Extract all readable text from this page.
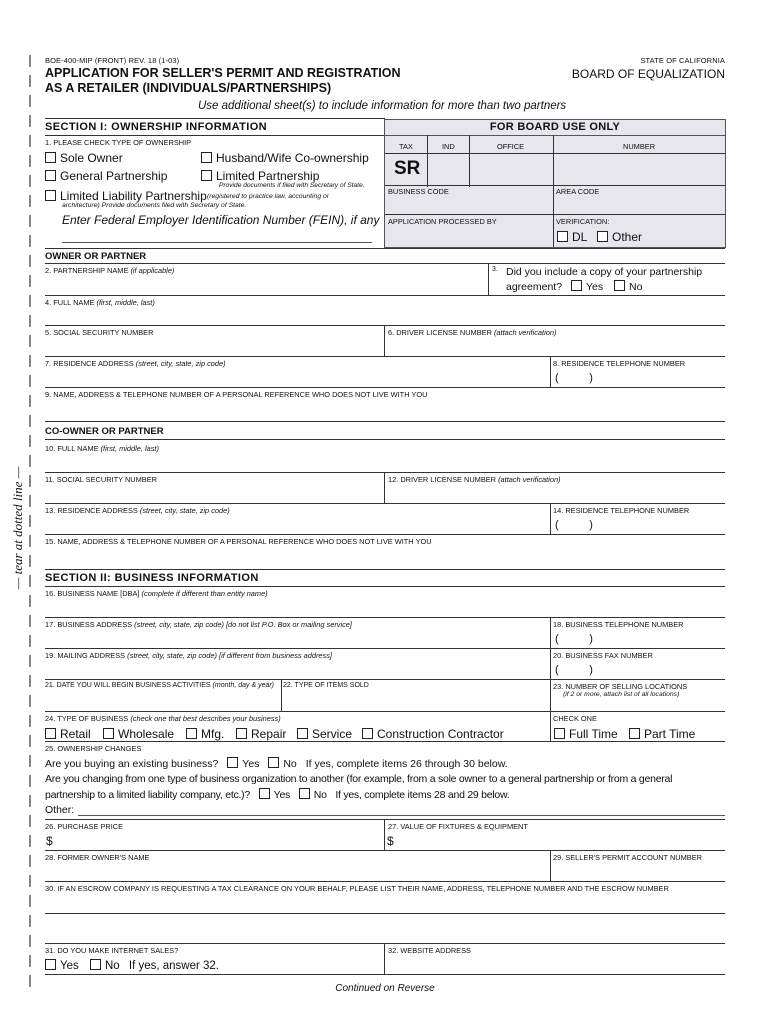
— tear at dotted line —
BOE-400-MIP (FRONT) REV. 18 (1-03)
APPLICATION FOR SELLER'S PERMIT AND REGISTRATION
AS A RETAILER (INDIVIDUALS/PARTNERSHIPS)
STATE OF CALIFORNIA
BOARD OF EQUALIZATION
Use additional sheet(s) to include information for more than two partners
SECTION I: OWNERSHIP INFORMATION
1. PLEASE CHECK TYPE OF OWNERSHIP
Sole Owner	Husband/Wife Co-ownership
General Partnership	Limited Partnership
Provide documents if filed with Secretary of State.
Limited Liability Partnership (registered to practice law, accounting or
architecture) Provide documents filed with Secretary of State.
Enter Federal Employer Identification Number (FEIN), if any
FOR BOARD USE ONLY
TAX	IND	OFFICE	NUMBER
SR
BUSINESS CODE	AREA CODE
APPLICATION PROCESSED BY	VERIFICATION:
DL	Other
OWNER OR PARTNER
2. PARTNERSHIP NAME (if applicable)	3. Did you include a copy of your partnership
agreement? Yes No
4. FULL NAME (first, middle, last)
5. SOCIAL SECURITY NUMBER	6. DRIVER LICENSE NUMBER (attach verification)
7. RESIDENCE ADDRESS (street, city, state, zip code)	8. RESIDENCE TELEPHONE NUMBER
(          )
9. NAME, ADDRESS & TELEPHONE NUMBER OF A PERSONAL REFERENCE WHO DOES NOT LIVE WITH YOU
CO-OWNER OR PARTNER
10. FULL NAME (first, middle, last)
11. SOCIAL SECURITY NUMBER	12. DRIVER LICENSE NUMBER (attach verification)
13. RESIDENCE ADDRESS (street, city, state, zip code)	14. RESIDENCE TELEPHONE NUMBER
(          )
15. NAME, ADDRESS & TELEPHONE NUMBER OF A PERSONAL REFERENCE WHO DOES NOT LIVE WITH YOU
SECTION II: BUSINESS INFORMATION
16. BUSINESS NAME [DBA] (complete if different than entity name)
17. BUSINESS ADDRESS (street, city, state, zip code) [do not list P.O. Box or mailing service]	18. BUSINESS TELEPHONE NUMBER
(          )
19. MAILING ADDRESS (street, city, state, zip code) [if different from business address]	20. BUSINESS FAX NUMBER
(          )
21. DATE YOU WILL BEGIN BUSINESS ACTIVITIES (month, day & year) 22. TYPE OF ITEMS SOLD	23. NUMBER OF SELLING LOCATIONS
(if 2 or more, attach list of all locations)
24. TYPE OF BUSINESS (check one that best describes your business)	CHECK ONE
Retail	Wholesale	Mfg.	Repair	Service	Construction Contractor	Full Time	Part Time
25. OWNERSHIP CHANGES
Are you buying an existing business? Yes No If yes, complete items 26 through 30 below.
Are you changing from one type of business organization to another (for example, from a sole owner to a general partnership or from a general
partnership to a limited liability company, etc.)? Yes No If yes, complete items 28 and 29 below.
Other:
26. PURCHASE PRICE	27. VALUE OF FIXTURES & EQUIPMENT
$	$
28. FORMER OWNER'S NAME	29. SELLER'S PERMIT ACCOUNT NUMBER
30. IF AN ESCROW COMPANY IS REQUESTING A TAX CLEARANCE ON YOUR BEHALF, PLEASE LIST THEIR NAME, ADDRESS, TELEPHONE NUMBER AND THE ESCROW NUMBER
31. DO YOU MAKE INTERNET SALES?	32. WEBSITE ADDRESS
Yes No If yes, answer 32.
Continued on Reverse
